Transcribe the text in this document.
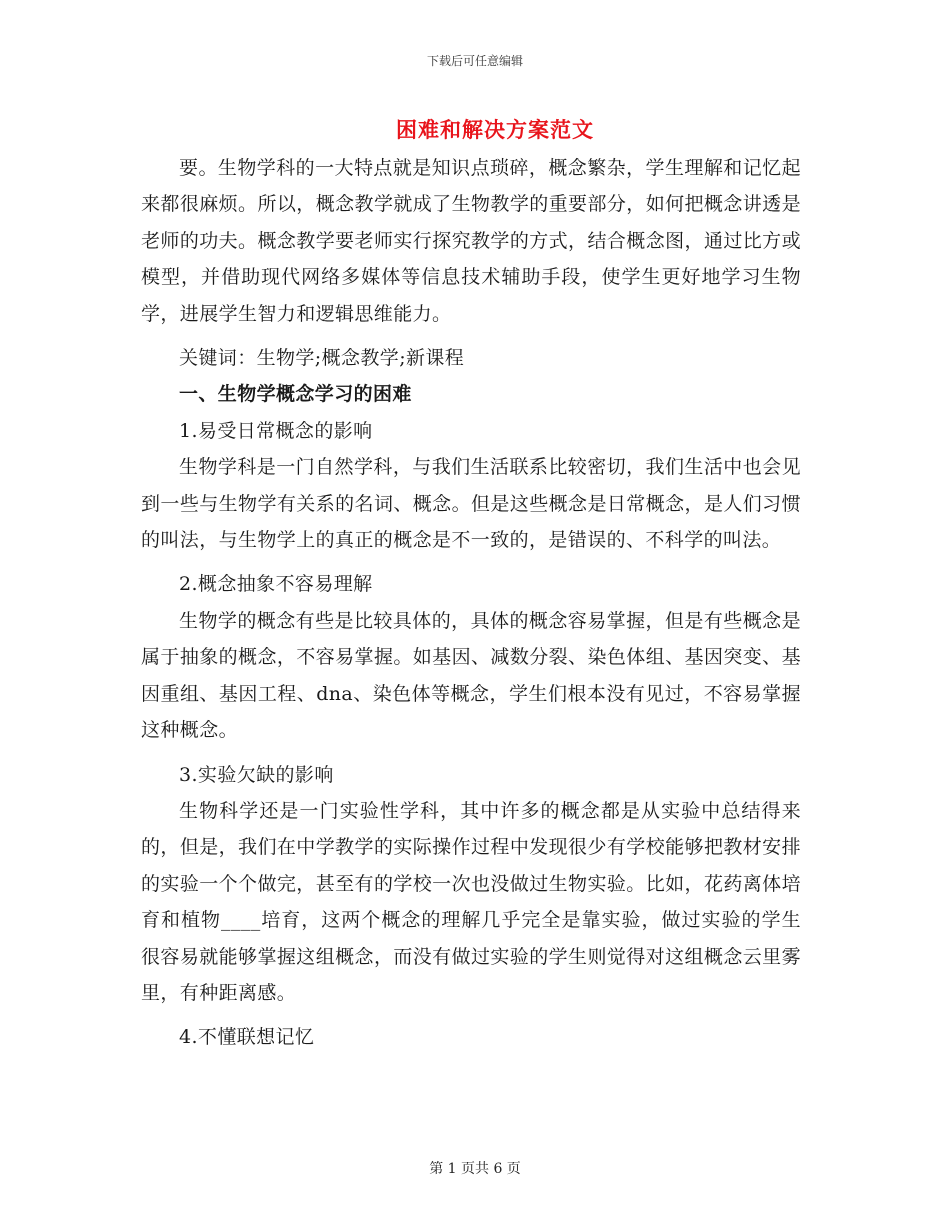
下载后可任意编辑
困难和解决方案范文

要。生物学科的一大特点就是知识点琐碎，概念繁杂，学生理解和记忆起来都很麻烦。所以，概念教学就成了生物教学的重要部分，如何把概念讲透是老师的功夫。概念教学要老师实行探究教学的方式，结合概念图，通过比方或模型，并借助现代网络多媒体等信息技术辅助手段，使学生更好地学习生物学，进展学生智力和逻辑思维能力。

关键词：生物学;概念教学;新课程

一、生物学概念学习的困难

1.易受日常概念的影响

生物学科是一门自然学科，与我们生活联系比较密切，我们生活中也会见到一些与生物学有关系的名词、概念。但是这些概念是日常概念，是人们习惯的叫法，与生物学上的真正的概念是不一致的，是错误的、不科学的叫法。

2.概念抽象不容易理解

生物学的概念有些是比较具体的，具体的概念容易掌握，但是有些概念是属于抽象的概念，不容易掌握。如基因、减数分裂、染色体组、基因突变、基因重组、基因工程、dna、染色体等概念，学生们根本没有见过，不容易掌握这种概念。

3.实验欠缺的影响

生物科学还是一门实验性学科，其中许多的概念都是从实验中总结得来的，但是，我们在中学教学的实际操作过程中发现很少有学校能够把教材安排的实验一个个做完，甚至有的学校一次也没做过生物实验。比如，花药离体培育和植物____培育，这两个概念的理解几乎完全是靠实验，做过实验的学生很容易就能够掌握这组概念，而没有做过实验的学生则觉得对这组概念云里雾里，有种距离感。

4.不懂联想记忆

第 1 页共 6 页
